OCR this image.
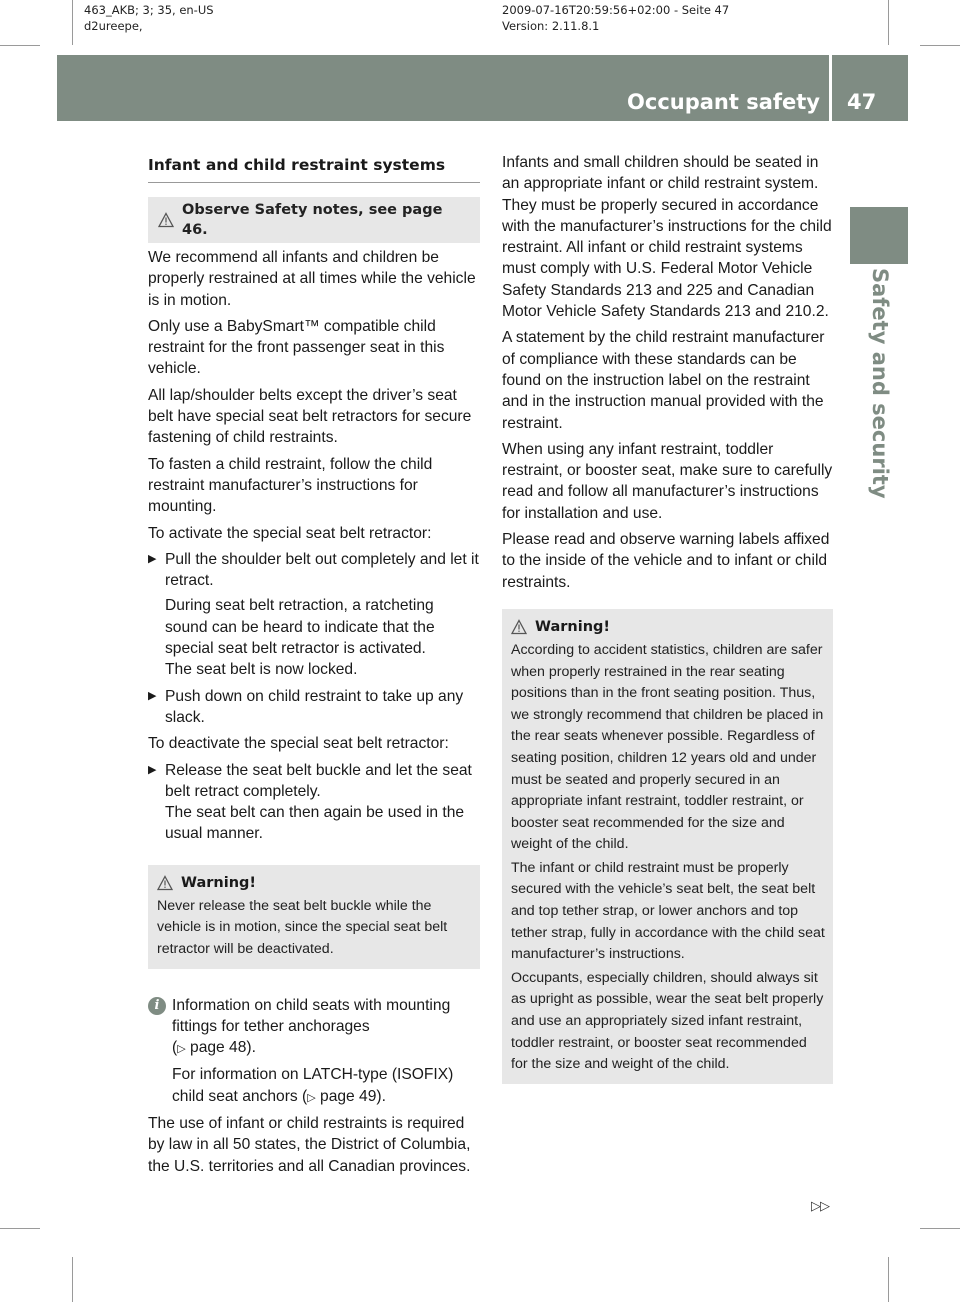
463_AKB; 3; 35, en-US
d2ureepe,
2009-07-16T20:59:56+02:00 - Seite 47
Version: 2.11.8.1
Occupant safety 47
Safety and security
Infant and child restraint systems
Observe Safety notes, see page 46.

We recommend all infants and children be properly restrained at all times while the vehicle is in motion.

Only use a BabySmart™ compatible child restraint for the front passenger seat in this vehicle.

All lap/shoulder belts except the driver’s seat belt have special seat belt retractors for secure fastening of child restraints.

To fasten a child restraint, follow the child restraint manufacturer’s instructions for mounting.

To activate the special seat belt retractor:

▶ Pull the shoulder belt out completely and let it retract.

During seat belt retraction, a ratcheting sound can be heard to indicate that the special seat belt retractor is activated.

The seat belt is now locked.

▶ Push down on child restraint to take up any slack.

To deactivate the special seat belt retractor:

▶ Release the seat belt buckle and let the seat belt retract completely.

The seat belt can then again be used in the usual manner.

Warning!

Never release the seat belt buckle while the vehicle is in motion, since the special seat belt retractor will be deactivated.

i Information on child seats with mounting fittings for tether anchorages
(▷ page 48).

For information on LATCH-type (ISOFIX) child seat anchors (▷ page 49).

The use of infant or child restraints is required by law in all 50 states, the District of Columbia, the U.S. territories and all Canadian provinces.

Infants and small children should be seated in an appropriate infant or child restraint system. They must be properly secured in accordance with the manufacturer’s instructions for the child restraint. All infant or child restraint systems must comply with U.S. Federal Motor Vehicle Safety Standards 213 and 225 and Canadian Motor Vehicle Safety Standards 213 and 210.2.

A statement by the child restraint manufacturer of compliance with these standards can be found on the instruction label on the restraint and in the instruction manual provided with the restraint.

When using any infant restraint, toddler restraint, or booster seat, make sure to carefully read and follow all manufacturer’s instructions for installation and use.

Please read and observe warning labels affixed to the inside of the vehicle and to infant or child restraints.

Warning!

According to accident statistics, children are safer when properly restrained in the rear seating positions than in the front seating position. Thus, we strongly recommend that children be placed in the rear seats whenever possible. Regardless of seating position, children 12 years old and under must be seated and properly secured in an appropriate infant restraint, toddler restraint, or booster seat recommended for the size and weight of the child.

The infant or child restraint must be properly secured with the vehicle’s seat belt, the seat belt and top tether strap, or lower anchors and top tether strap, fully in accordance with the child seat manufacturer’s instructions.

Occupants, especially children, should always sit as upright as possible, wear the seat belt properly and use an appropriately sized infant restraint, toddler restraint, or booster seat recommended for the size and weight of the child.

▷▷
